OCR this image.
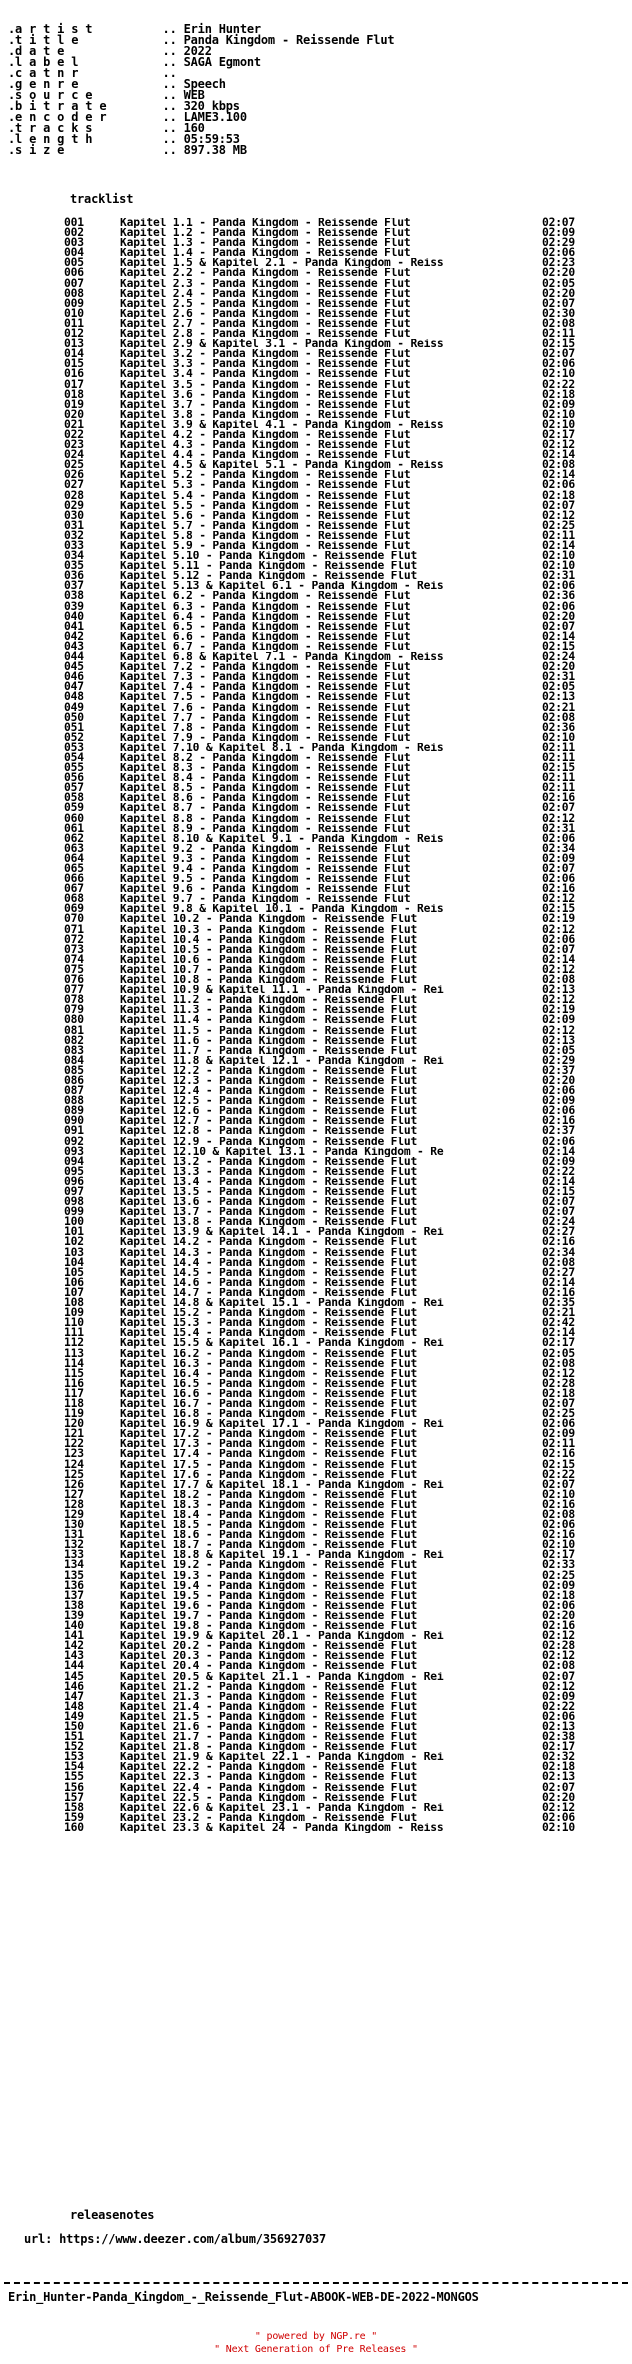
.a r t i s t          .. Erin Hunter
.t i t l e            .. Panda Kingdom - Reissende Flut
.d a t e              .. 2022
.l a b e l            .. SAGA Egmont
.c a t n r            ..
.g e n r e            .. Speech
.s o u r c e          .. WEB
.b i t r a t e        .. 320 kbps
.e n c o d e r        .. LAME3.100
.t r a c k s          .. 160
.l e n g t h          .. 05:59:53
.s i z e              .. 897.38 MB
tracklist
001	Kapitel 1.1 - Panda Kingdom - Reissende Flut	02:07
002	Kapitel 1.2 - Panda Kingdom - Reissende Flut	02:09
003	Kapitel 1.3 - Panda Kingdom - Reissende Flut	02:29
004	Kapitel 1.4 - Panda Kingdom - Reissende Flut	02:06
005	Kapitel 1.5 & Kapitel 2.1 - Panda Kingdom - Reiss	02:23
006	Kapitel 2.2 - Panda Kingdom - Reissende Flut	02:20
007	Kapitel 2.3 - Panda Kingdom - Reissende Flut	02:05
008	Kapitel 2.4 - Panda Kingdom - Reissende Flut	02:20
009	Kapitel 2.5 - Panda Kingdom - Reissende Flut	02:07
010	Kapitel 2.6 - Panda Kingdom - Reissende Flut	02:30
011	Kapitel 2.7 - Panda Kingdom - Reissende Flut	02:08
012	Kapitel 2.8 - Panda Kingdom - Reissende Flut	02:11
013	Kapitel 2.9 & Kapitel 3.1 - Panda Kingdom - Reiss	02:15
014	Kapitel 3.2 - Panda Kingdom - Reissende Flut	02:07
015	Kapitel 3.3 - Panda Kingdom - Reissende Flut	02:06
016	Kapitel 3.4 - Panda Kingdom - Reissende Flut	02:10
017	Kapitel 3.5 - Panda Kingdom - Reissende Flut	02:22
018	Kapitel 3.6 - Panda Kingdom - Reissende Flut	02:18
019	Kapitel 3.7 - Panda Kingdom - Reissende Flut	02:09
020	Kapitel 3.8 - Panda Kingdom - Reissende Flut	02:10
021	Kapitel 3.9 & Kapitel 4.1 - Panda Kingdom - Reiss	02:10
022	Kapitel 4.2 - Panda Kingdom - Reissende Flut	02:17
023	Kapitel 4.3 - Panda Kingdom - Reissende Flut	02:12
024	Kapitel 4.4 - Panda Kingdom - Reissende Flut	02:14
025	Kapitel 4.5 & Kapitel 5.1 - Panda Kingdom - Reiss	02:08
026	Kapitel 5.2 - Panda Kingdom - Reissende Flut	02:14
027	Kapitel 5.3 - Panda Kingdom - Reissende Flut	02:06
028	Kapitel 5.4 - Panda Kingdom - Reissende Flut	02:18
029	Kapitel 5.5 - Panda Kingdom - Reissende Flut	02:07
030	Kapitel 5.6 - Panda Kingdom - Reissende Flut	02:12
031	Kapitel 5.7 - Panda Kingdom - Reissende Flut	02:25
032	Kapitel 5.8 - Panda Kingdom - Reissende Flut	02:11
033	Kapitel 5.9 - Panda Kingdom - Reissende Flut	02:14
034	Kapitel 5.10 - Panda Kingdom - Reissende Flut	02:10
035	Kapitel 5.11 - Panda Kingdom - Reissende Flut	02:10
036	Kapitel 5.12 - Panda Kingdom - Reissende Flut	02:31
037	Kapitel 5.13 & Kapitel 6.1 - Panda Kingdom - Reis	02:06
038	Kapitel 6.2 - Panda Kingdom - Reissende Flut	02:36
039	Kapitel 6.3 - Panda Kingdom - Reissende Flut	02:06
040	Kapitel 6.4 - Panda Kingdom - Reissende Flut	02:20
041	Kapitel 6.5 - Panda Kingdom - Reissende Flut	02:07
042	Kapitel 6.6 - Panda Kingdom - Reissende Flut	02:14
043	Kapitel 6.7 - Panda Kingdom - Reissende Flut	02:15
044	Kapitel 6.8 & Kapitel 7.1 - Panda Kingdom - Reiss	02:24
045	Kapitel 7.2 - Panda Kingdom - Reissende Flut	02:20
046	Kapitel 7.3 - Panda Kingdom - Reissende Flut	02:31
047	Kapitel 7.4 - Panda Kingdom - Reissende Flut	02:05
048	Kapitel 7.5 - Panda Kingdom - Reissende Flut	02:13
049	Kapitel 7.6 - Panda Kingdom - Reissende Flut	02:21
050	Kapitel 7.7 - Panda Kingdom - Reissende Flut	02:08
051	Kapitel 7.8 - Panda Kingdom - Reissende Flut	02:36
052	Kapitel 7.9 - Panda Kingdom - Reissende Flut	02:10
053	Kapitel 7.10 & Kapitel 8.1 - Panda Kingdom - Reis	02:11
054	Kapitel 8.2 - Panda Kingdom - Reissende Flut	02:11
055	Kapitel 8.3 - Panda Kingdom - Reissende Flut	02:15
056	Kapitel 8.4 - Panda Kingdom - Reissende Flut	02:11
057	Kapitel 8.5 - Panda Kingdom - Reissende Flut	02:11
058	Kapitel 8.6 - Panda Kingdom - Reissende Flut	02:16
059	Kapitel 8.7 - Panda Kingdom - Reissende Flut	02:07
060	Kapitel 8.8 - Panda Kingdom - Reissende Flut	02:12
061	Kapitel 8.9 - Panda Kingdom - Reissende Flut	02:31
062	Kapitel 8.10 & Kapitel 9.1 - Panda Kingdom - Reis	02:06
063	Kapitel 9.2 - Panda Kingdom - Reissende Flut	02:34
064	Kapitel 9.3 - Panda Kingdom - Reissende Flut	02:09
065	Kapitel 9.4 - Panda Kingdom - Reissende Flut	02:07
066	Kapitel 9.5 - Panda Kingdom - Reissende Flut	02:06
067	Kapitel 9.6 - Panda Kingdom - Reissende Flut	02:16
068	Kapitel 9.7 - Panda Kingdom - Reissende Flut	02:12
069	Kapitel 9.8 & Kapitel 10.1 - Panda Kingdom - Reis	02:15
070	Kapitel 10.2 - Panda Kingdom - Reissende Flut	02:19
071	Kapitel 10.3 - Panda Kingdom - Reissende Flut	02:12
072	Kapitel 10.4 - Panda Kingdom - Reissende Flut	02:06
073	Kapitel 10.5 - Panda Kingdom - Reissende Flut	02:07
074	Kapitel 10.6 - Panda Kingdom - Reissende Flut	02:14
075	Kapitel 10.7 - Panda Kingdom - Reissende Flut	02:12
076	Kapitel 10.8 - Panda Kingdom - Reissende Flut	02:08
077	Kapitel 10.9 & Kapitel 11.1 - Panda Kingdom - Rei	02:13
078	Kapitel 11.2 - Panda Kingdom - Reissende Flut	02:12
079	Kapitel 11.3 - Panda Kingdom - Reissende Flut	02:19
080	Kapitel 11.4 - Panda Kingdom - Reissende Flut	02:09
081	Kapitel 11.5 - Panda Kingdom - Reissende Flut	02:12
082	Kapitel 11.6 - Panda Kingdom - Reissende Flut	02:13
083	Kapitel 11.7 - Panda Kingdom - Reissende Flut	02:05
084	Kapitel 11.8 & Kapitel 12.1 - Panda Kingdom - Rei	02:29
085	Kapitel 12.2 - Panda Kingdom - Reissende Flut	02:37
086	Kapitel 12.3 - Panda Kingdom - Reissende Flut	02:20
087	Kapitel 12.4 - Panda Kingdom - Reissende Flut	02:06
088	Kapitel 12.5 - Panda Kingdom - Reissende Flut	02:09
089	Kapitel 12.6 - Panda Kingdom - Reissende Flut	02:06
090	Kapitel 12.7 - Panda Kingdom - Reissende Flut	02:16
091	Kapitel 12.8 - Panda Kingdom - Reissende Flut	02:37
092	Kapitel 12.9 - Panda Kingdom - Reissende Flut	02:06
093	Kapitel 12.10 & Kapitel 13.1 - Panda Kingdom - Re	02:14
094	Kapitel 13.2 - Panda Kingdom - Reissende Flut	02:09
095	Kapitel 13.3 - Panda Kingdom - Reissende Flut	02:22
096	Kapitel 13.4 - Panda Kingdom - Reissende Flut	02:14
097	Kapitel 13.5 - Panda Kingdom - Reissende Flut	02:15
098	Kapitel 13.6 - Panda Kingdom - Reissende Flut	02:07
099	Kapitel 13.7 - Panda Kingdom - Reissende Flut	02:07
100	Kapitel 13.8 - Panda Kingdom - Reissende Flut	02:24
101	Kapitel 13.9 & Kapitel 14.1 - Panda Kingdom - Rei	02:27
102	Kapitel 14.2 - Panda Kingdom - Reissende Flut	02:16
103	Kapitel 14.3 - Panda Kingdom - Reissende Flut	02:34
104	Kapitel 14.4 - Panda Kingdom - Reissende Flut	02:08
105	Kapitel 14.5 - Panda Kingdom - Reissende Flut	02:27
106	Kapitel 14.6 - Panda Kingdom - Reissende Flut	02:14
107	Kapitel 14.7 - Panda Kingdom - Reissende Flut	02:16
108	Kapitel 14.8 & Kapitel 15.1 - Panda Kingdom - Rei	02:35
109	Kapitel 15.2 - Panda Kingdom - Reissende Flut	02:21
110	Kapitel 15.3 - Panda Kingdom - Reissende Flut	02:42
111	Kapitel 15.4 - Panda Kingdom - Reissende Flut	02:14
112	Kapitel 15.5 & Kapitel 16.1 - Panda Kingdom - Rei	02:17
113	Kapitel 16.2 - Panda Kingdom - Reissende Flut	02:05
114	Kapitel 16.3 - Panda Kingdom - Reissende Flut	02:08
115	Kapitel 16.4 - Panda Kingdom - Reissende Flut	02:12
116	Kapitel 16.5 - Panda Kingdom - Reissende Flut	02:28
117	Kapitel 16.6 - Panda Kingdom - Reissende Flut	02:18
118	Kapitel 16.7 - Panda Kingdom - Reissende Flut	02:07
119	Kapitel 16.8 - Panda Kingdom - Reissende Flut	02:25
120	Kapitel 16.9 & Kapitel 17.1 - Panda Kingdom - Rei	02:06
121	Kapitel 17.2 - Panda Kingdom - Reissende Flut	02:09
122	Kapitel 17.3 - Panda Kingdom - Reissende Flut	02:11
123	Kapitel 17.4 - Panda Kingdom - Reissende Flut	02:16
124	Kapitel 17.5 - Panda Kingdom - Reissende Flut	02:15
125	Kapitel 17.6 - Panda Kingdom - Reissende Flut	02:22
126	Kapitel 17.7 & Kapitel 18.1 - Panda Kingdom - Rei	02:07
127	Kapitel 18.2 - Panda Kingdom - Reissende Flut	02:10
128	Kapitel 18.3 - Panda Kingdom - Reissende Flut	02:16
129	Kapitel 18.4 - Panda Kingdom - Reissende Flut	02:08
130	Kapitel 18.5 - Panda Kingdom - Reissende Flut	02:06
131	Kapitel 18.6 - Panda Kingdom - Reissende Flut	02:16
132	Kapitel 18.7 - Panda Kingdom - Reissende Flut	02:10
133	Kapitel 18.8 & Kapitel 19.1 - Panda Kingdom - Rei	02:17
134	Kapitel 19.2 - Panda Kingdom - Reissende Flut	02:33
135	Kapitel 19.3 - Panda Kingdom - Reissende Flut	02:25
136	Kapitel 19.4 - Panda Kingdom - Reissende Flut	02:09
137	Kapitel 19.5 - Panda Kingdom - Reissende Flut	02:18
138	Kapitel 19.6 - Panda Kingdom - Reissende Flut	02:06
139	Kapitel 19.7 - Panda Kingdom - Reissende Flut	02:20
140	Kapitel 19.8 - Panda Kingdom - Reissende Flut	02:16
141	Kapitel 19.9 & Kapitel 20.1 - Panda Kingdom - Rei	02:12
142	Kapitel 20.2 - Panda Kingdom - Reissende Flut	02:28
143	Kapitel 20.3 - Panda Kingdom - Reissende Flut	02:12
144	Kapitel 20.4 - Panda Kingdom - Reissende Flut	02:08
145	Kapitel 20.5 & Kapitel 21.1 - Panda Kingdom - Rei	02:07
146	Kapitel 21.2 - Panda Kingdom - Reissende Flut	02:12
147	Kapitel 21.3 - Panda Kingdom - Reissende Flut	02:09
148	Kapitel 21.4 - Panda Kingdom - Reissende Flut	02:22
149	Kapitel 21.5 - Panda Kingdom - Reissende Flut	02:06
150	Kapitel 21.6 - Panda Kingdom - Reissende Flut	02:13
151	Kapitel 21.7 - Panda Kingdom - Reissende Flut	02:38
152	Kapitel 21.8 - Panda Kingdom - Reissende Flut	02:17
153	Kapitel 21.9 & Kapitel 22.1 - Panda Kingdom - Rei	02:32
154	Kapitel 22.2 - Panda Kingdom - Reissende Flut	02:18
155	Kapitel 22.3 - Panda Kingdom - Reissende Flut	02:13
156	Kapitel 22.4 - Panda Kingdom - Reissende Flut	02:07
157	Kapitel 22.5 - Panda Kingdom - Reissende Flut	02:20
158	Kapitel 22.6 & Kapitel 23.1 - Panda Kingdom - Rei	02:12
159	Kapitel 23.2 - Panda Kingdom - Reissende Flut	02:06
160	Kapitel 23.3 & Kapitel 24 - Panda Kingdom - Reiss	02:10
releasenotes
url: https://www.deezer.com/album/356927037
Erin_Hunter-Panda_Kingdom_-_Reissende_Flut-ABOOK-WEB-DE-2022-MONGOS
" powered by NGP.re "
" Next Generation of Pre Releases "
